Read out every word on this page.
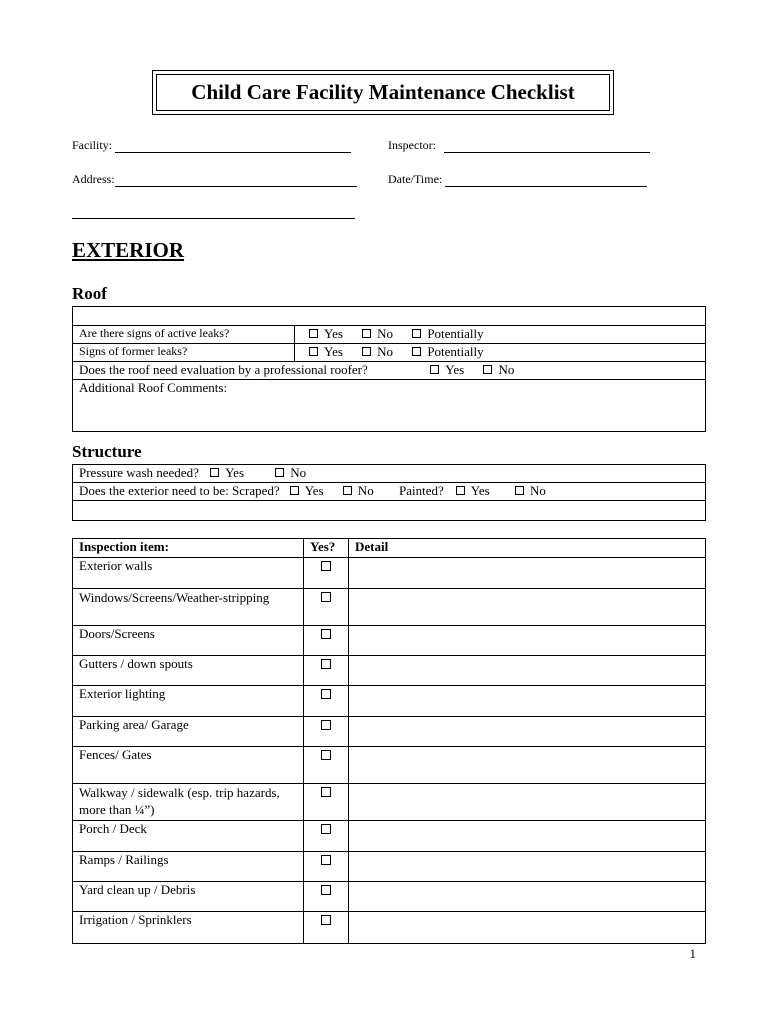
Child Care Facility Maintenance Checklist
Facility:	Inspector:
Address:	Date/Time:
EXTERIOR
Roof

Are there signs of active leaks?	Yes No Potentially
Signs of former leaks?	Yes No Potentially
Does the roof need evaluation by a professional roofer? Yes No	
Additional Roof Comments:	
Structure
Pressure wash needed? Yes	No
Does the exterior need to be: Scraped? Yes	No Painted? Yes	No

Inspection item:	Yes?	Detail
Exterior walls	

Windows/Screens/Weather-stripping	

Doors/Screens	

Gutters / down spouts	

Exterior lighting	

Parking area/ Garage	

Fences/ Gates	

Walkway / sidewalk (esp. trip hazards, more than ¼”)	

Porch / Deck	

Ramps / Railings	

Yard clean up / Debris	

Irrigation / Sprinklers	

1
